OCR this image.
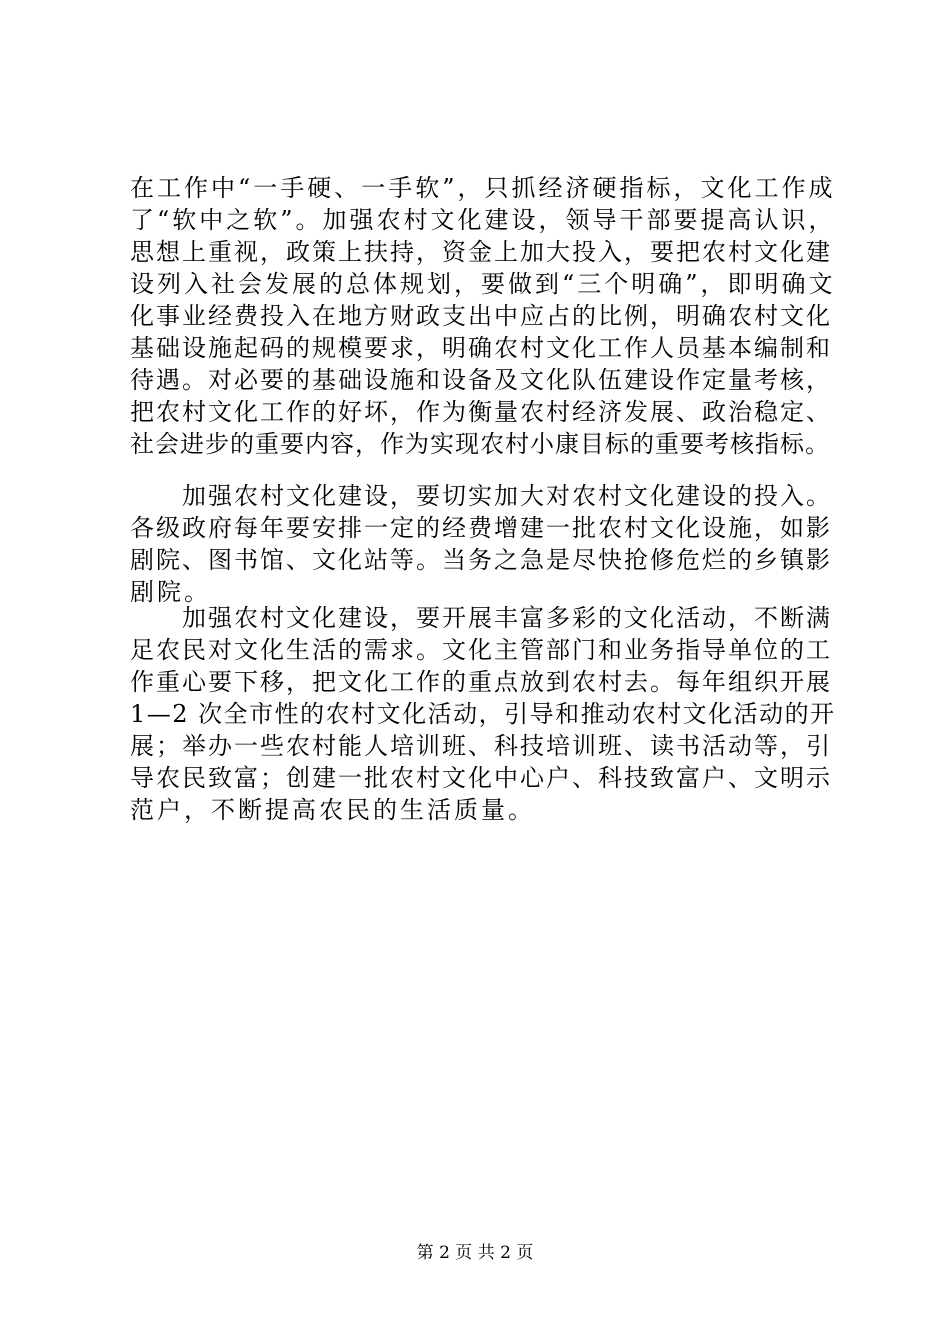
在工作中“一手硬、一手软”，只抓经济硬指标，文化工作成
了“软中之软”。加强农村文化建设，领导干部要提高认识，
思想上重视，政策上扶持，资金上加大投入，要把农村文化建
设列入社会发展的总体规划，要做到“三个明确”，即明确文
化事业经费投入在地方财政支出中应占的比例，明确农村文化
基础设施起码的规模要求，明确农村文化工作人员基本编制和
待遇。对必要的基础设施和设备及文化队伍建设作定量考核，
把农村文化工作的好坏，作为衡量农村经济发展、政治稳定、
社会进步的重要内容，作为实现农村小康目标的重要考核指标。
加强农村文化建设，要切实加大对农村文化建设的投入。
各级政府每年要安排一定的经费增建一批农村文化设施，如影
剧院、图书馆、文化站等。当务之急是尽快抢修危烂的乡镇影
剧院。
加强农村文化建设，要开展丰富多彩的文化活动，不断满
足农民对文化生活的需求。文化主管部门和业务指导单位的工
作重心要下移，把文化工作的重点放到农村去。每年组织开展
1—2 次全市性的农村文化活动，引导和推动农村文化活动的开
展；举办一些农村能人培训班、科技培训班、读书活动等，引
导农民致富；创建一批农村文化中心户、科技致富户、文明示
范户，不断提高农民的生活质量。
第 2 页 共 2 页
